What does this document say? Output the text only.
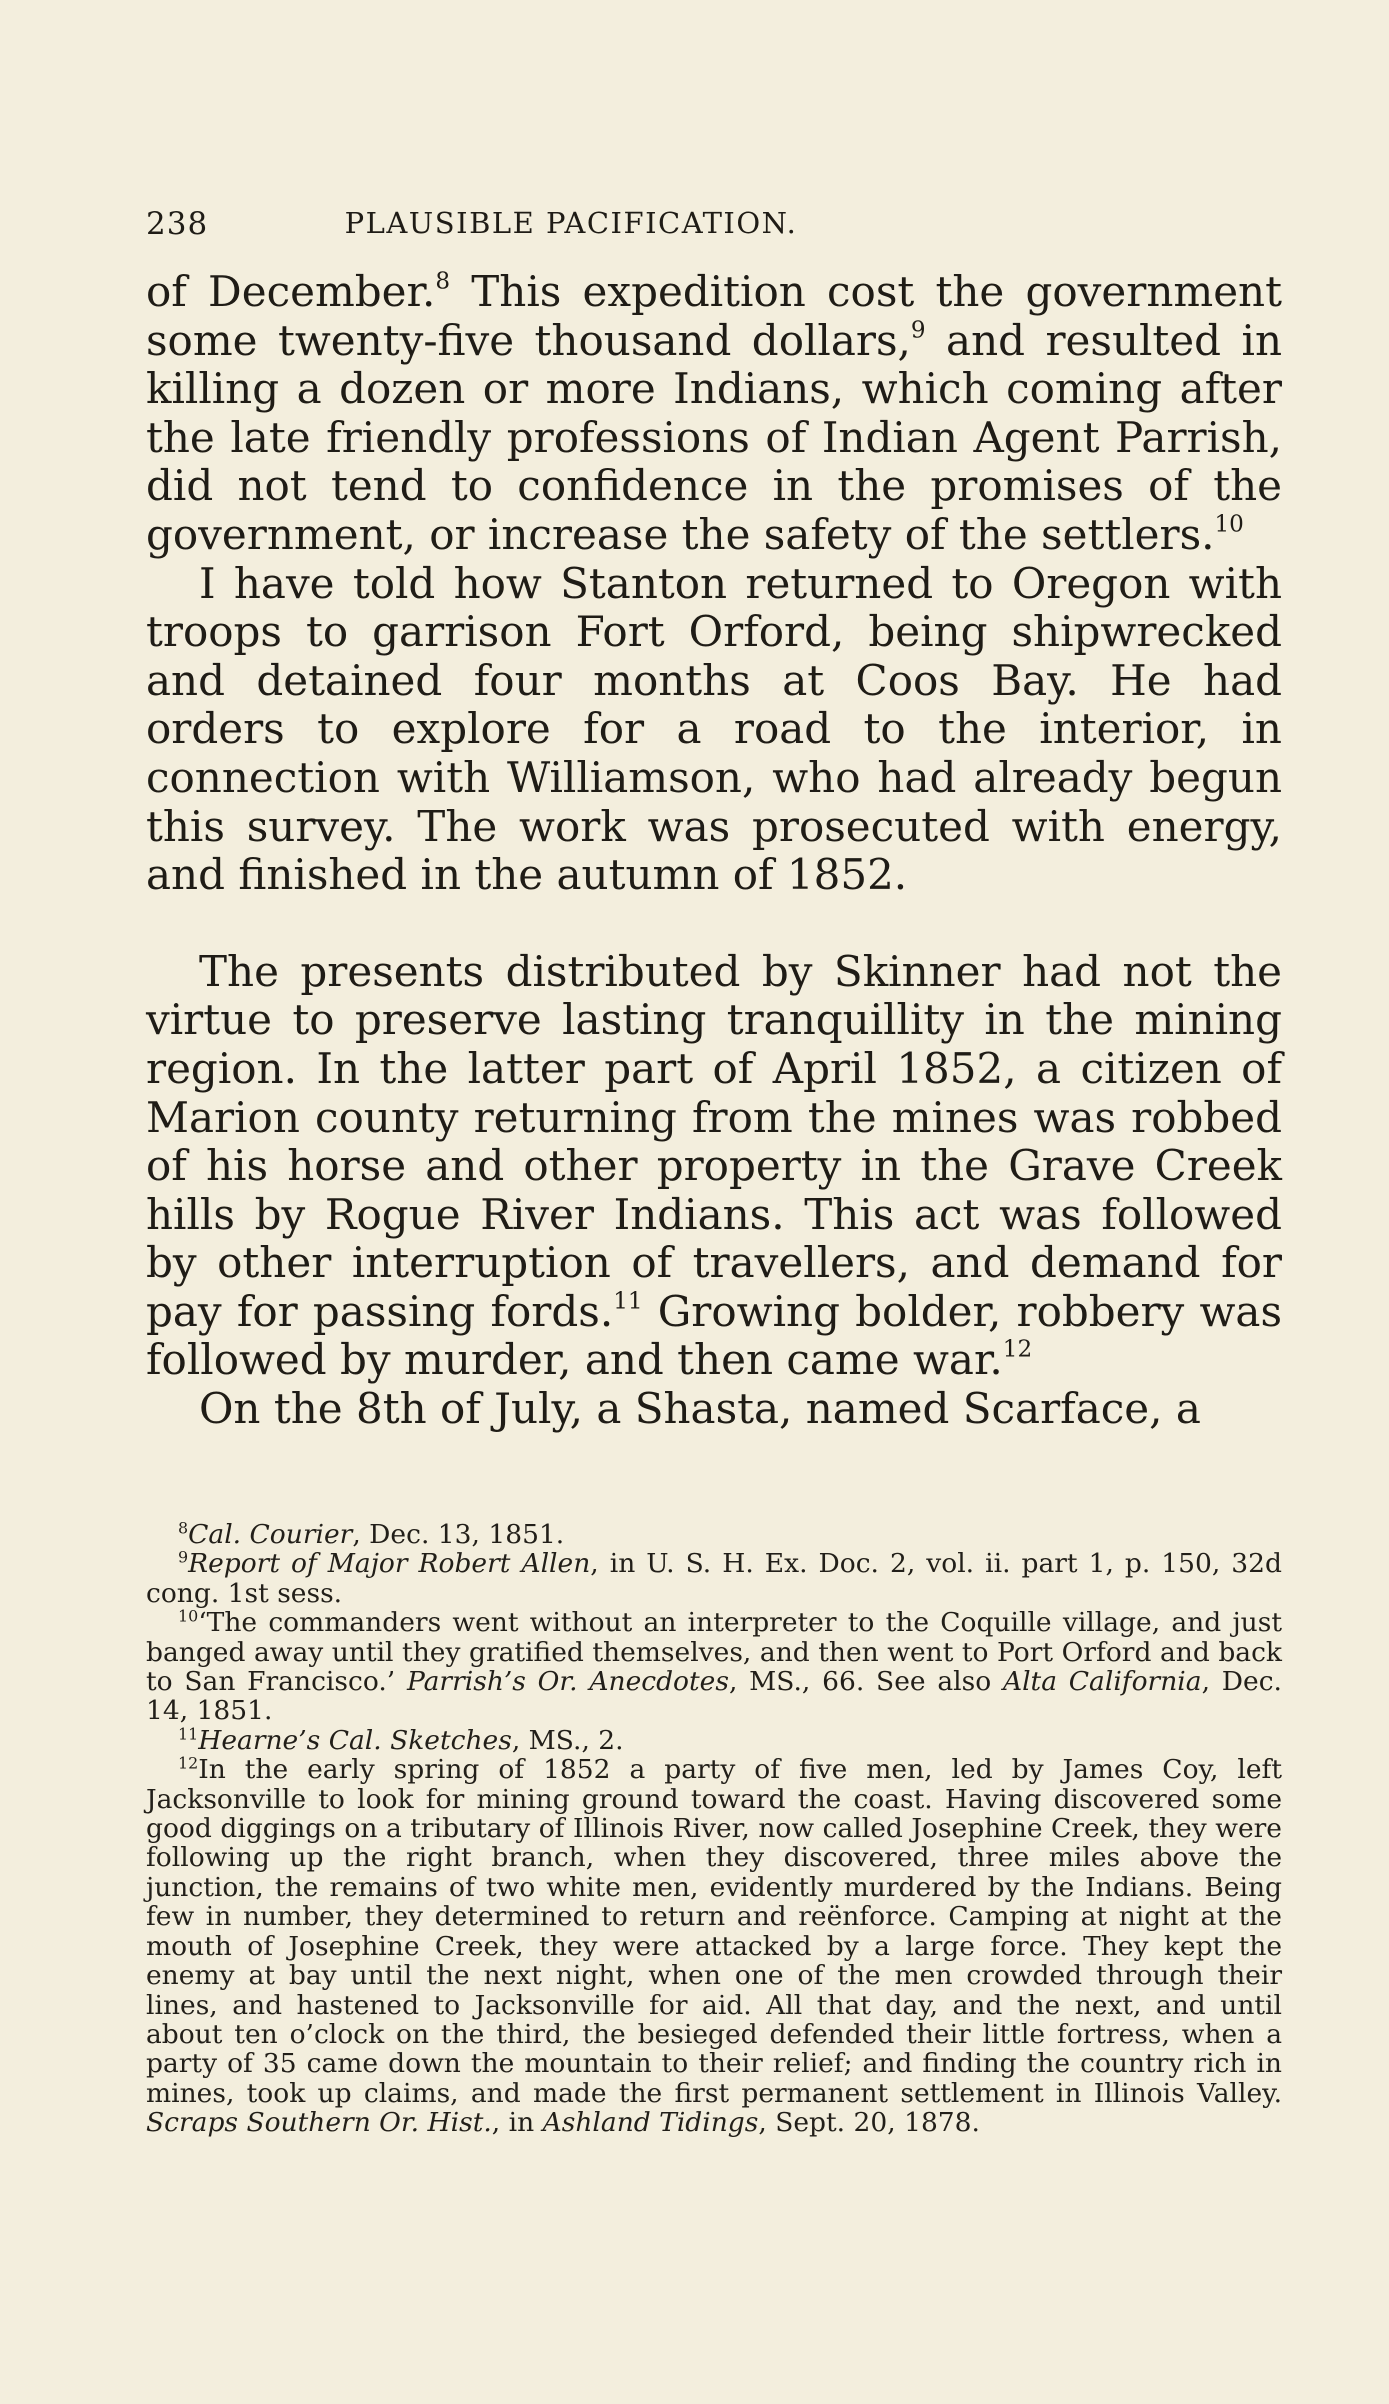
238	PLAUSIBLE PACIFICATION.

of December.$^8$ This expedition cost the government some twenty-five thousand dollars,$^9$ and resulted in killing a dozen or more Indians, which coming after the late friendly professions of Indian Agent Parrish, did not tend to confidence in the promises of the government, or increase the safety of the settlers.$^{10}$

I have told how Stanton returned to Oregon with troops to garrison Fort Orford, being shipwrecked and detained four months at Coos Bay. He had orders to explore for a road to the interior, in connection with Williamson, who had already begun this survey. The work was prosecuted with energy, and finished in the autumn of 1852.

The presents distributed by Skinner had not the virtue to preserve lasting tranquillity in the mining region. In the latter part of April 1852, a citizen of Marion county returning from the mines was robbed of his horse and other property in the Grave Creek hills by Rogue River Indians. This act was followed by other interruption of travellers, and demand for pay for passing fords.$^{11}$ Growing bolder, robbery was followed by murder, and then came war.$^{12}$

On the 8th of July, a Shasta, named Scarface, a

$^8$Cal. Courier, Dec. 13, 1851.

$^9$Report of Major Robert Allen, in U. S. H. Ex. Doc. 2, vol. ii. part 1, p. 150, 32d cong. 1st sess.

$^{10}$‘The commanders went without an interpreter to the Coquille village, and just banged away until they gratified themselves, and then went to Port Orford and back to San Francisco.’ Parrish’s Or. Anecdotes, MS., 66. See also Alta California, Dec. 14, 1851.

$^{11}$Hearne’s Cal. Sketches, MS., 2.

$^{12}$In the early spring of 1852 a party of five men, led by James Coy, left Jacksonville to look for mining ground toward the coast. Having discovered some good diggings on a tributary of Illinois River, now called Josephine Creek, they were following up the right branch, when they discovered, three miles above the junction, the remains of two white men, evidently murdered by the Indians. Being few in number, they determined to return and reënforce. Camping at night at the mouth of Josephine Creek, they were attacked by a large force. They kept the enemy at bay until the next night, when one of the men crowded through their lines, and hastened to Jacksonville for aid. All that day, and the next, and until about ten o’clock on the third, the besieged defended their little fortress, when a party of 35 came down the mountain to their relief; and finding the country rich in mines, took up claims, and made the first permanent settlement in Illinois Valley. Scraps Southern Or. Hist., in Ashland Tidings, Sept. 20, 1878.
